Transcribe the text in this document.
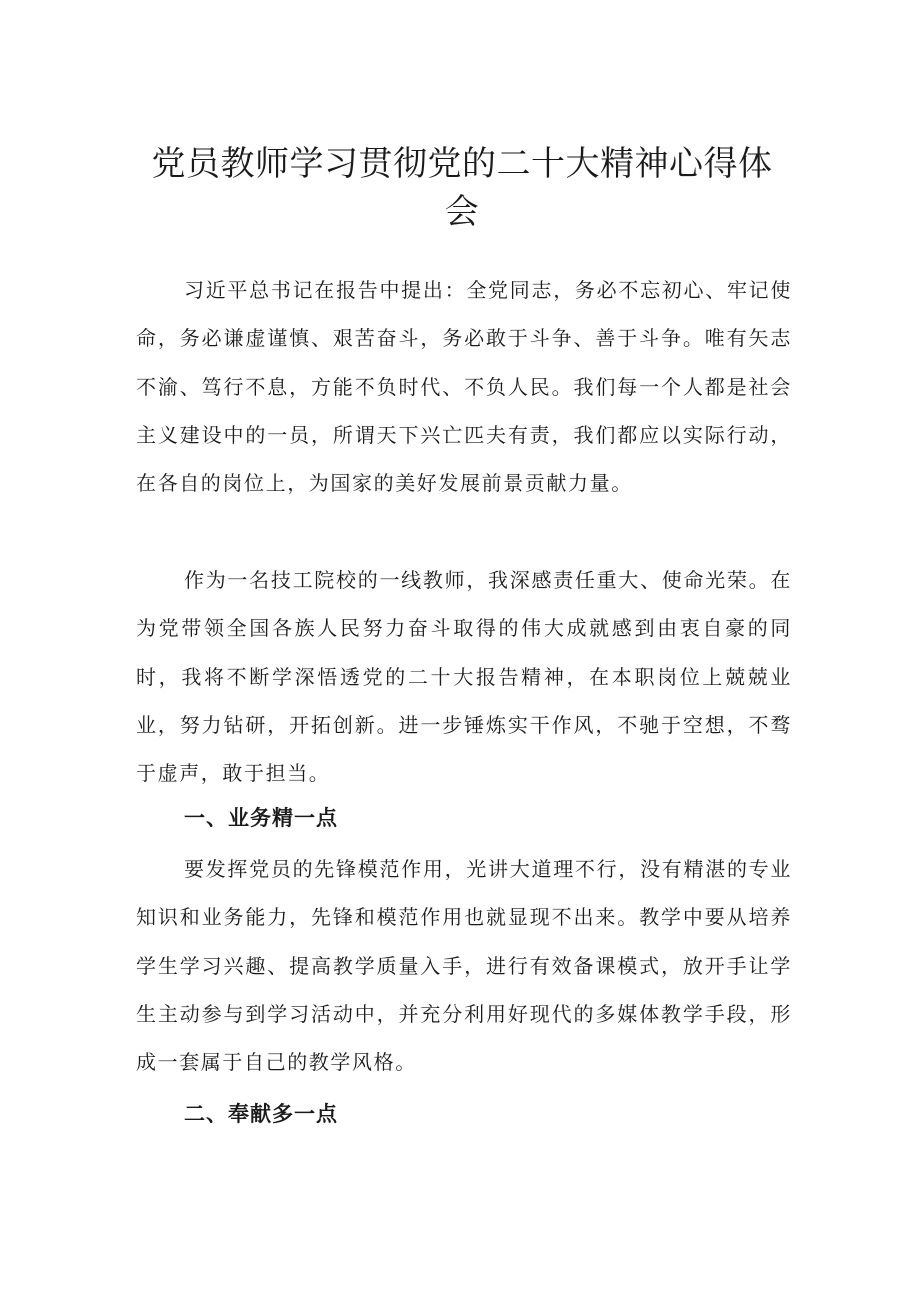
党员教师学习贯彻党的二十大精神心得体会

习近平总书记在报告中提出：全党同志，务必不忘初心、牢记使命，务必谦虚谨慎、艰苦奋斗，务必敢于斗争、善于斗争。唯有矢志不渝、笃行不息，方能不负时代、不负人民。我们每一个人都是社会主义建设中的一员，所谓天下兴亡匹夫有责，我们都应以实际行动，在各自的岗位上，为国家的美好发展前景贡献力量。

作为一名技工院校的一线教师，我深感责任重大、使命光荣。在为党带领全国各族人民努力奋斗取得的伟大成就感到由衷自豪的同时，我将不断学深悟透党的二十大报告精神，在本职岗位上兢兢业业，努力钻研，开拓创新。进一步锤炼实干作风，不驰于空想，不骛于虚声，敢于担当。

一、业务精一点

要发挥党员的先锋模范作用，光讲大道理不行，没有精湛的专业知识和业务能力，先锋和模范作用也就显现不出来。教学中要从培养学生学习兴趣、提高教学质量入手，进行有效备课模式，放开手让学生主动参与到学习活动中，并充分利用好现代的多媒体教学手段，形成一套属于自己的教学风格。

二、奉献多一点
